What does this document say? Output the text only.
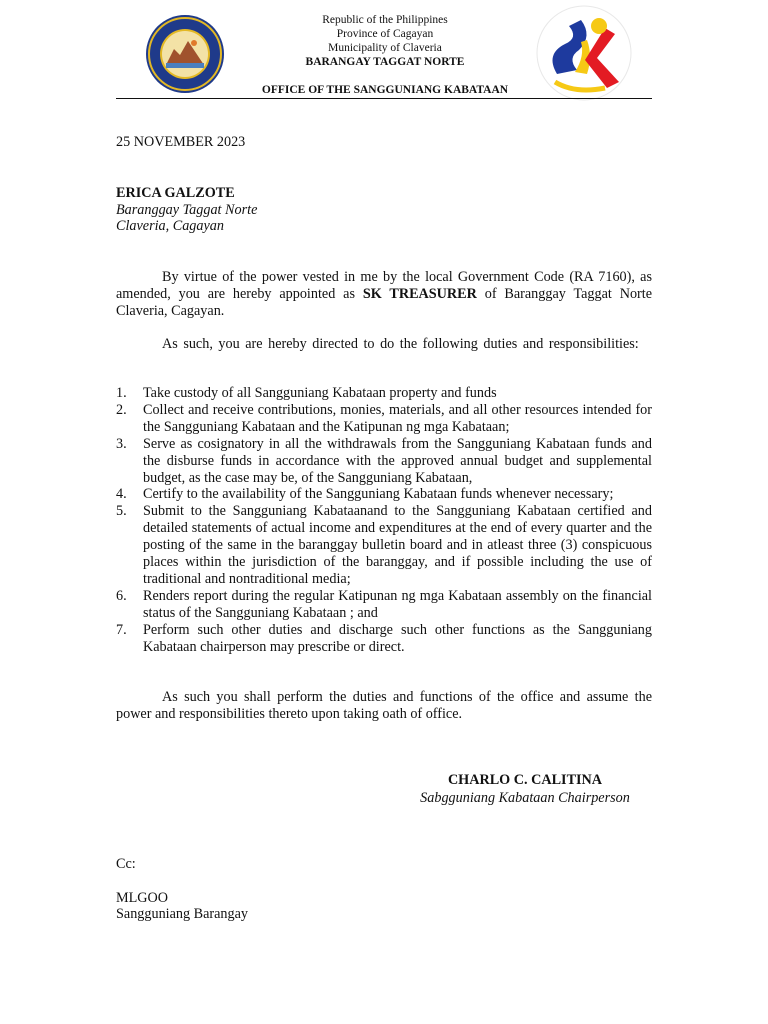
Republic of the Philippines
Province of Cagayan
Municipality of Claveria
BARANGAY TAGGAT NORTE
OFFICE OF THE SANGGUNIANG KABATAAN
25 NOVEMBER 2023
ERICA GALZOTE
Baranggay Taggat Norte
Claveria, Cagayan
By virtue of the power vested in me by the local Government Code (RA 7160), as amended, you are hereby appointed as SK TREASURER of Baranggay Taggat Norte Claveria, Cagayan.
As such, you are hereby directed to do the following duties and responsibilities:
1. Take custody of all Sangguniang Kabataan property and funds
2. Collect and receive contributions, monies, materials, and all other resources intended for the Sangguniang Kabataan and the Katipunan ng mga Kabataan;
3. Serve as cosignatory in all the withdrawals from the Sangguniang Kabataan funds and the disburse funds in accordance with the approved annual budget and supplemental budget, as the case may be, of the Sangguniang Kabataan,
4. Certify to the availability of the Sangguniang Kabataan funds whenever necessary;
5. Submit to the Sangguniang Kabataanand to the Sangguniang Kabataan certified and detailed statements of actual income and expenditures at the end of every quarter and the posting of the same in the baranggay bulletin board and in atleast three (3) conspicuous places within the jurisdiction of the baranggay, and if possible including the use of traditional and nontraditional media;
6. Renders report during the regular Katipunan ng mga Kabataan assembly on the financial status of the Sangguniang Kabataan ; and
7. Perform such other duties and discharge such other functions as the Sangguniang Kabataan chairperson may prescribe or direct.
As such you shall perform the duties and functions of the office and assume the power and responsibilities thereto upon taking oath of office.
CHARLO C. CALITINA
Sabgguniang Kabataan Chairperson
Cc:
MLGOO
Sangguniang Barangay
